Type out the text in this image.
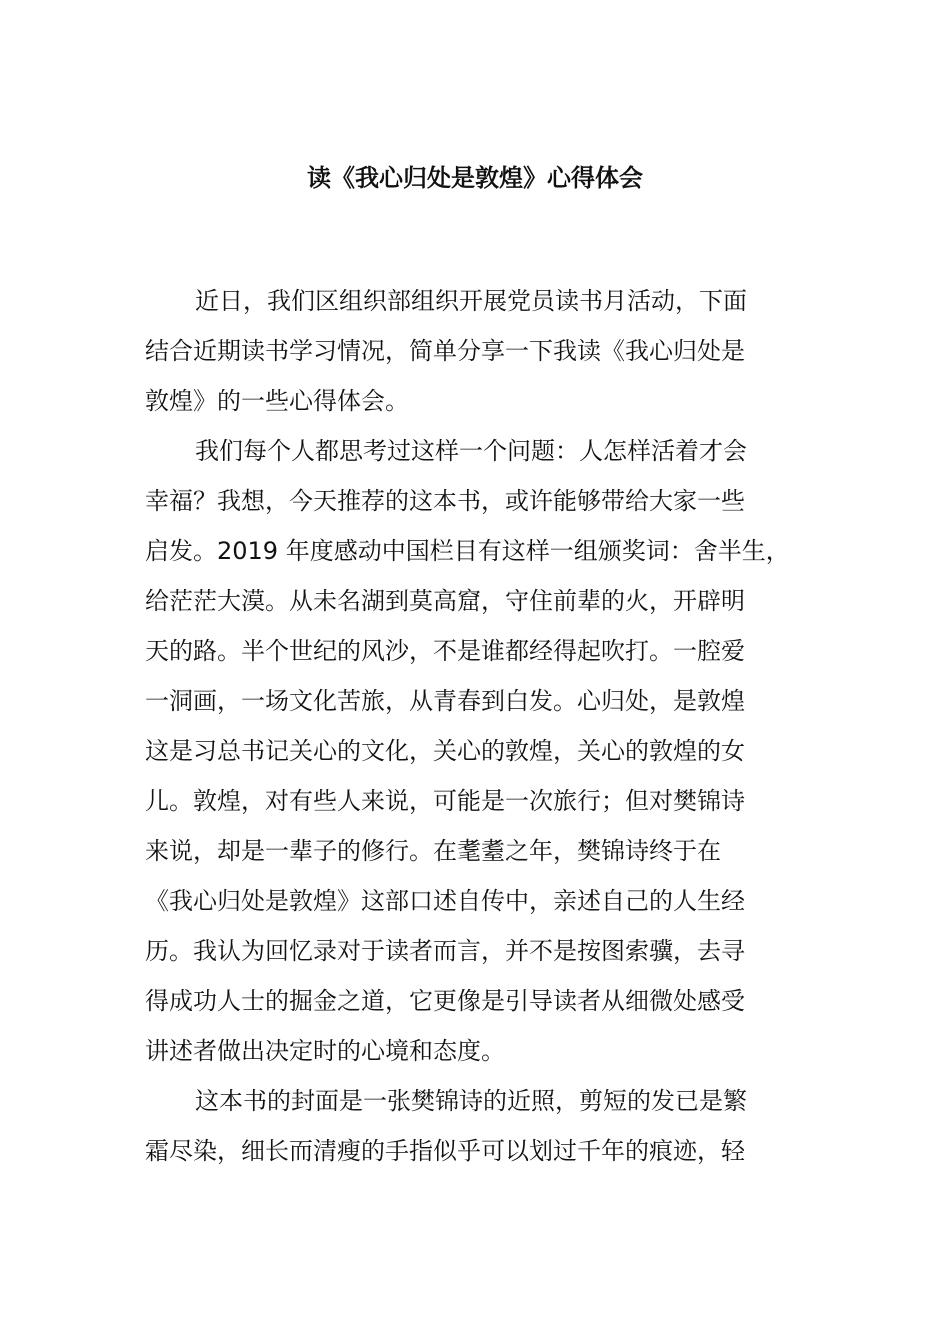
读《我心归处是敦煌》心得体会
近日，我们区组织部组织开展党员读书月活动，下面
结合近期读书学习情况，简单分享一下我读《我心归处是
敦煌》的一些心得体会。
我们每个人都思考过这样一个问题：人怎样活着才会
幸福？我想，今天推荐的这本书，或许能够带给大家一些
启发。2019 年度感动中国栏目有这样一组颁奖词：舍半生，
给茫茫大漠。从未名湖到莫高窟，守住前辈的火，开辟明
天的路。半个世纪的风沙，不是谁都经得起吹打。一腔爱
一洞画，一场文化苦旅，从青春到白发。心归处，是敦煌
这是习总书记关心的文化，关心的敦煌，关心的敦煌的女
儿。敦煌，对有些人来说，可能是一次旅行；但对樊锦诗
来说，却是一辈子的修行。在耄耋之年，樊锦诗终于在
《我心归处是敦煌》这部口述自传中，亲述自己的人生经
历。我认为回忆录对于读者而言，并不是按图索骥，去寻
得成功人士的掘金之道，它更像是引导读者从细微处感受
讲述者做出决定时的心境和态度。
这本书的封面是一张樊锦诗的近照，剪短的发已是繁
霜尽染，细长而清瘦的手指似乎可以划过千年的痕迹，轻
